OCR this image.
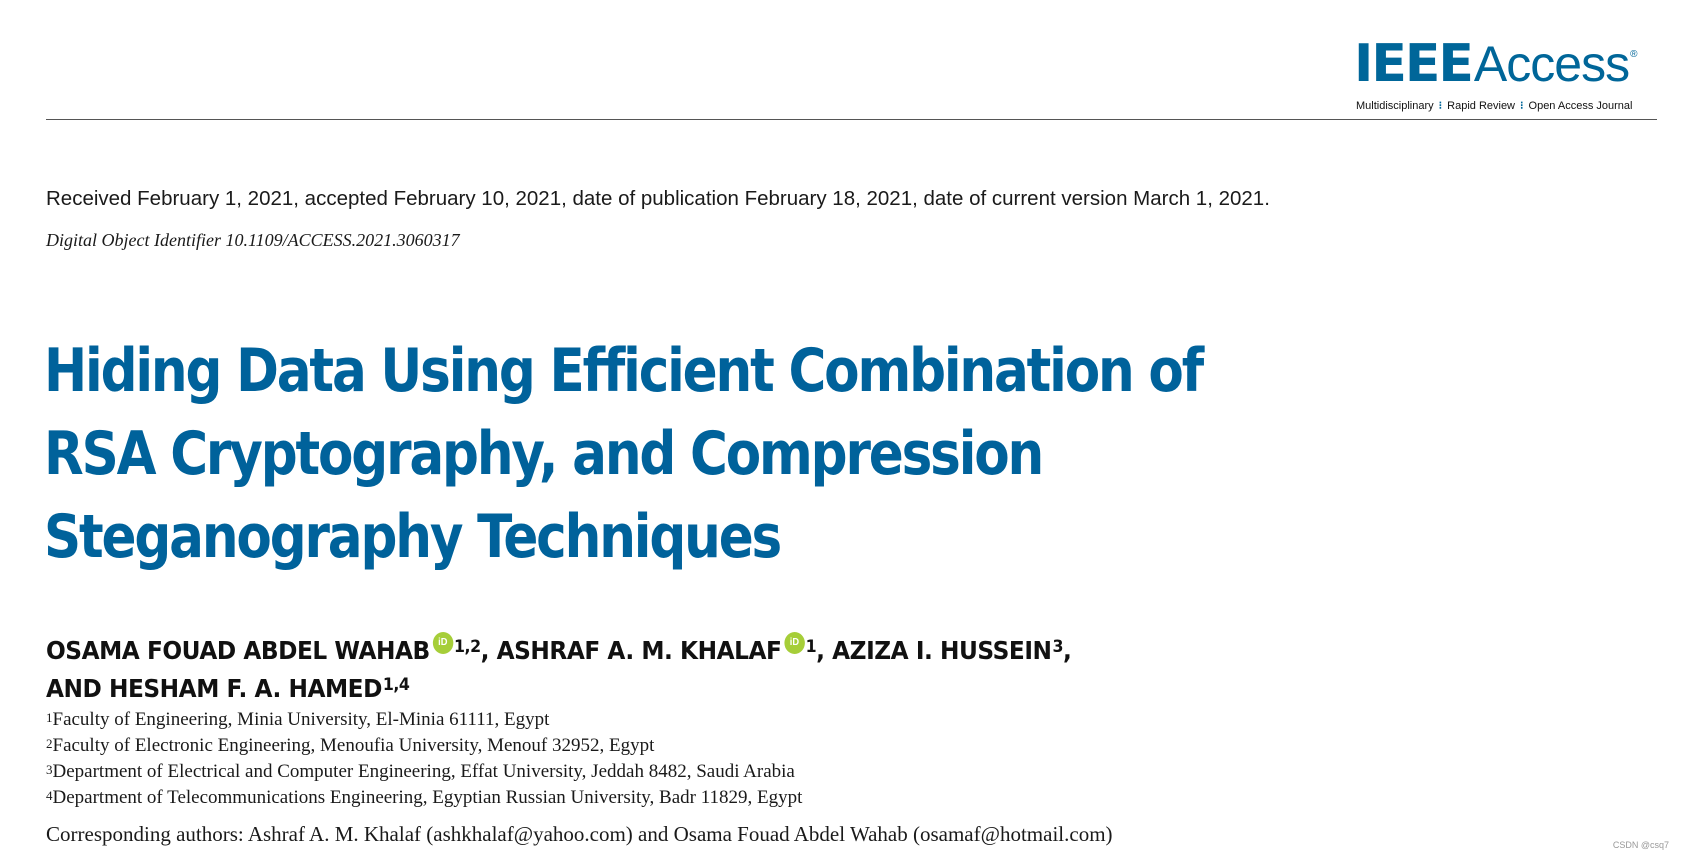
IEEEAccess®
Multidisciplinary ⁝ Rapid Review ⁝ Open Access Journal
Received February 1, 2021, accepted February 10, 2021, date of publication February 18, 2021, date of current version March 1, 2021.
Digital Object Identifier 10.1109/ACCESS.2021.3060317
Hiding Data Using Efficient Combination of
RSA Cryptography, and Compression
Steganography Techniques
OSAMA FOUAD ABDEL WAHAB iD $^{1,2}$, ASHRAF A. M. KHALAF iD $^1$, AZIZA I. HUSSEIN$^3$,
AND HESHAM F. A. HAMED$^{1,4}$
$^1$Faculty of Engineering, Minia University, El-Minia 61111, Egypt
$^2$Faculty of Electronic Engineering, Menoufia University, Menouf 32952, Egypt
$^3$Department of Electrical and Computer Engineering, Effat University, Jeddah 8482, Saudi Arabia
$^4$Department of Telecommunications Engineering, Egyptian Russian University, Badr 11829, Egypt
Corresponding authors: Ashraf A. M. Khalaf (ashkhalaf@yahoo.com) and Osama Fouad Abdel Wahab (osamaf@hotmail.com)	CSDN @csq7
